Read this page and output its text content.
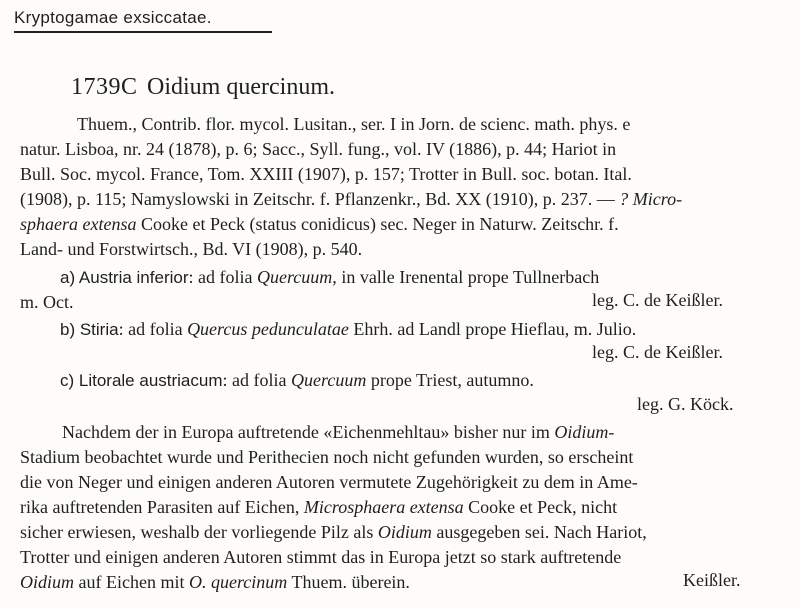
Kryptogamae exsiccatae.
1739C Oidium quercinum.
Thuem., Contrib. flor. mycol. Lusitan., ser. I in Jorn. de scienc. math. phys. e
natur. Lisboa, nr. 24 (1878), p. 6; Sacc., Syll. fung., vol. IV (1886), p. 44; Hariot in
Bull. Soc. mycol. France, Tom. XXIII (1907), p. 157; Trotter in Bull. soc. botan. Ital.
(1908), p. 115; Namyslowski in Zeitschr. f. Pflanzenkr., Bd. XX (1910), p. 237. — ? Micro-
sphaera extensa Cooke et Peck (status conidicus) sec. Neger in Naturw. Zeitschr. f.
Land- und Forstwirtsch., Bd. VI (1908), p. 540.
a) Austria inferior: ad folia Quercuum, in valle Irenental prope Tullnerbach
m. Oct.	leg. C. de Keißler.
b) Stiria: ad folia Quercus pedunculatae Ehrh. ad Landl prope Hieflau, m. Julio.
leg. C. de Keißler.
c) Litorale austriacum: ad folia Quercuum prope Triest, autumno.
leg. G. Köck.
Nachdem der in Europa auftretende «Eichenmehltau» bisher nur im Oidium-
Stadium beobachtet wurde und Perithecien noch nicht gefunden wurden, so erscheint
die von Neger und einigen anderen Autoren vermutete Zugehörigkeit zu dem in Ame-
rika auftretenden Parasiten auf Eichen, Microsphaera extensa Cooke et Peck, nicht
sicher erwiesen, weshalb der vorliegende Pilz als Oidium ausgegeben sei. Nach Hariot,
Trotter und einigen anderen Autoren stimmt das in Europa jetzt so stark auftretende
Oidium auf Eichen mit O. quercinum Thuem. überein.	Keißler.
